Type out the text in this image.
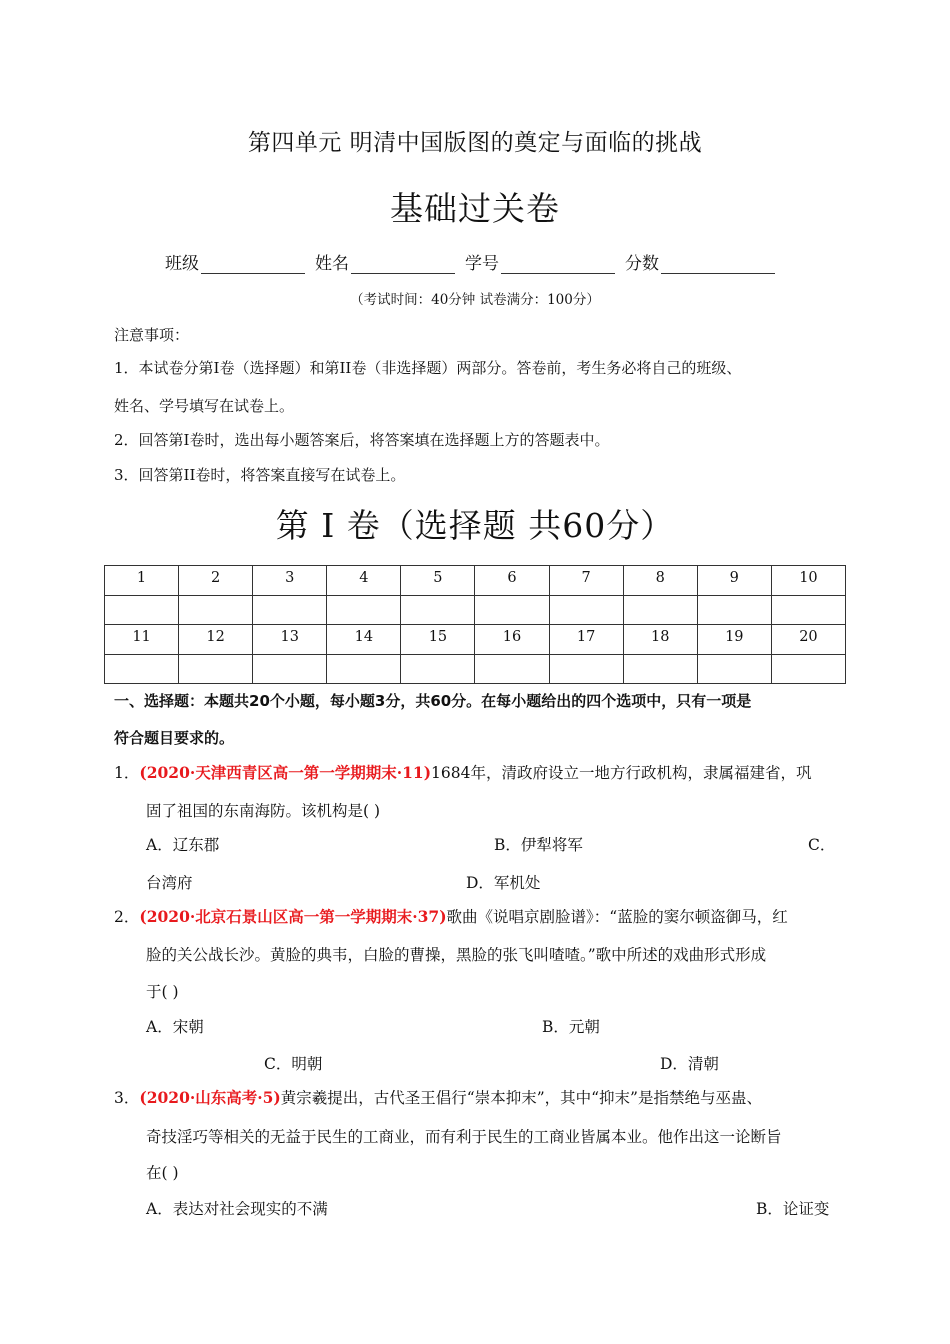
第四单元 明清中国版图的奠定与面临的挑战
基础过关卷
班级	姓名	学号	分数
（考试时间：40分钟 试卷满分：100分）
注意事项：
1．本试卷分第I卷（选择题）和第II卷（非选择题）两部分。答卷前，考生务必将自己的班级、
姓名、学号填写在试卷上。
2．回答第I卷时，选出每小题答案后，将答案填在选择题上方的答题表中。
3．回答第II卷时，将答案直接写在试卷上。
第 I 卷（选择题 共60分）
1	2	3	4	5	6	7	8	9	10

11	12	13	14	15	16	17	18	19	20

一、选择题：本题共20个小题，每小题3分，共60分。在每小题给出的四个选项中，只有一项是
符合题目要求的。
1．(2020·天津西青区高一第一学期期末·11)1684年，清政府设立一地方行政机构，隶属福建省，巩
固了祖国的东南海防。该机构是( )
A．辽东郡	B．伊犁将军	C．
台湾府	D．军机处
2．(2020·北京石景山区高一第一学期期末·37)歌曲《说唱京剧脸谱》：“蓝脸的窦尔顿盗御马，红
脸的关公战长沙。黄脸的典韦，白脸的曹操，黑脸的张飞叫喳喳。”歌中所述的戏曲形式形成
于( )
A．宋朝	B．元朝
C．明朝	D．清朝
3．(2020·山东高考·5)黄宗羲提出，古代圣王倡行“崇本抑末”，其中“抑末”是指禁绝与巫蛊、
奇技淫巧等相关的无益于民生的工商业，而有利于民生的工商业皆属本业。他作出这一论断旨
在( )
A．表达对社会现实的不满	B．论证变
